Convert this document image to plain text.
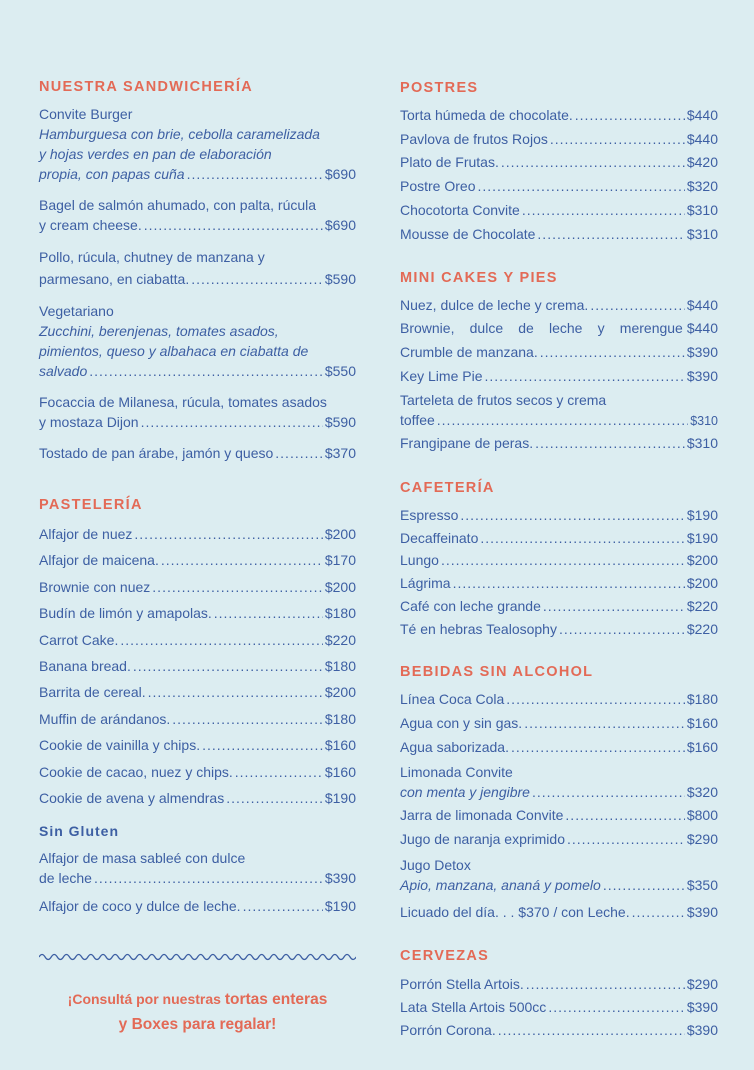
NUESTRA SANDWICHERÍA
Convite Burger
Hamburguesa con brie, cebolla caramelizada
y hojas verdes en pan de elaboración
propia, con papas cuña .....	$690
Bagel de salmón ahumado, con palta, rúcula
y cream cheese. .....	$690
Pollo, rúcula, chutney de manzana y
parmesano, en ciabatta. .....	$590
Vegetariano
Zucchini, berenjenas, tomates asados,
pimientos, queso y albahaca en ciabatta de
salvado .....	$550
Focaccia de Milanesa, rúcula, tomates asados
y mostaza Dijon .....	$590
Tostado de pan árabe, jamón y queso .....	$370
PASTELERÍA
Alfajor de nuez .....	$200
Alfajor de maicena. .....	$170
Brownie con nuez .....	$200
Budín de limón y amapolas. .....	$180
Carrot Cake. .....	$220
Banana bread. .....	$180
Barrita de cereal. .....	$200
Muffin de arándanos. .....	$180
Cookie de vainilla y chips. .....	$160
Cookie de cacao, nuez y chips. .....	$160
Cookie de avena y almendras .....	$190
Sin Gluten
Alfajor de masa sableé con dulce
de leche .....	$390
Alfajor de coco y dulce de leche. .....	$190
¡Consultá por nuestras tortas enteras
y Boxes para regalar!
POSTRES
Torta húmeda de chocolate. .....	$440
Pavlova de frutos Rojos .....	$440
Plato de Frutas. .....	$420
Postre Oreo .....	$320
Chocotorta Convite .....	$310
Mousse de Chocolate .....	$310
MINI CAKES Y PIES
Nuez, dulce de leche y crema. .....	$440
Brownie, dulce de leche y merengue $440
Crumble de manzana. .....	$390
Key Lime Pie .....	$390
Tarteleta de frutos secos y crema
toffee .....	$310
Frangipane de peras. .....	$310
CAFETERÍA
Espresso .....	$190
Decaffeinato .....	$190
Lungo .....	$200
Lágrima .....	$200
Café con leche grande .....	$220
Té en hebras Tealosophy .....	$220
BEBIDAS SIN ALCOHOL
Línea Coca Cola .....	$180
Agua con y sin gas. .....	$160
Agua saborizada. .....	$160
Limonada Convite
con menta y jengibre .....	$320
Jarra de limonada Convite .....	$800
Jugo de naranja exprimido .....	$290
Jugo Detox
Apio, manzana, ananá y pomelo .....	$350
Licuado del día. . . $370 / con Leche. .....	$390
CERVEZAS
Porrón Stella Artois. .....	$290
Lata Stella Artois 500cc .....	$390
Porrón Corona. .....	$390
